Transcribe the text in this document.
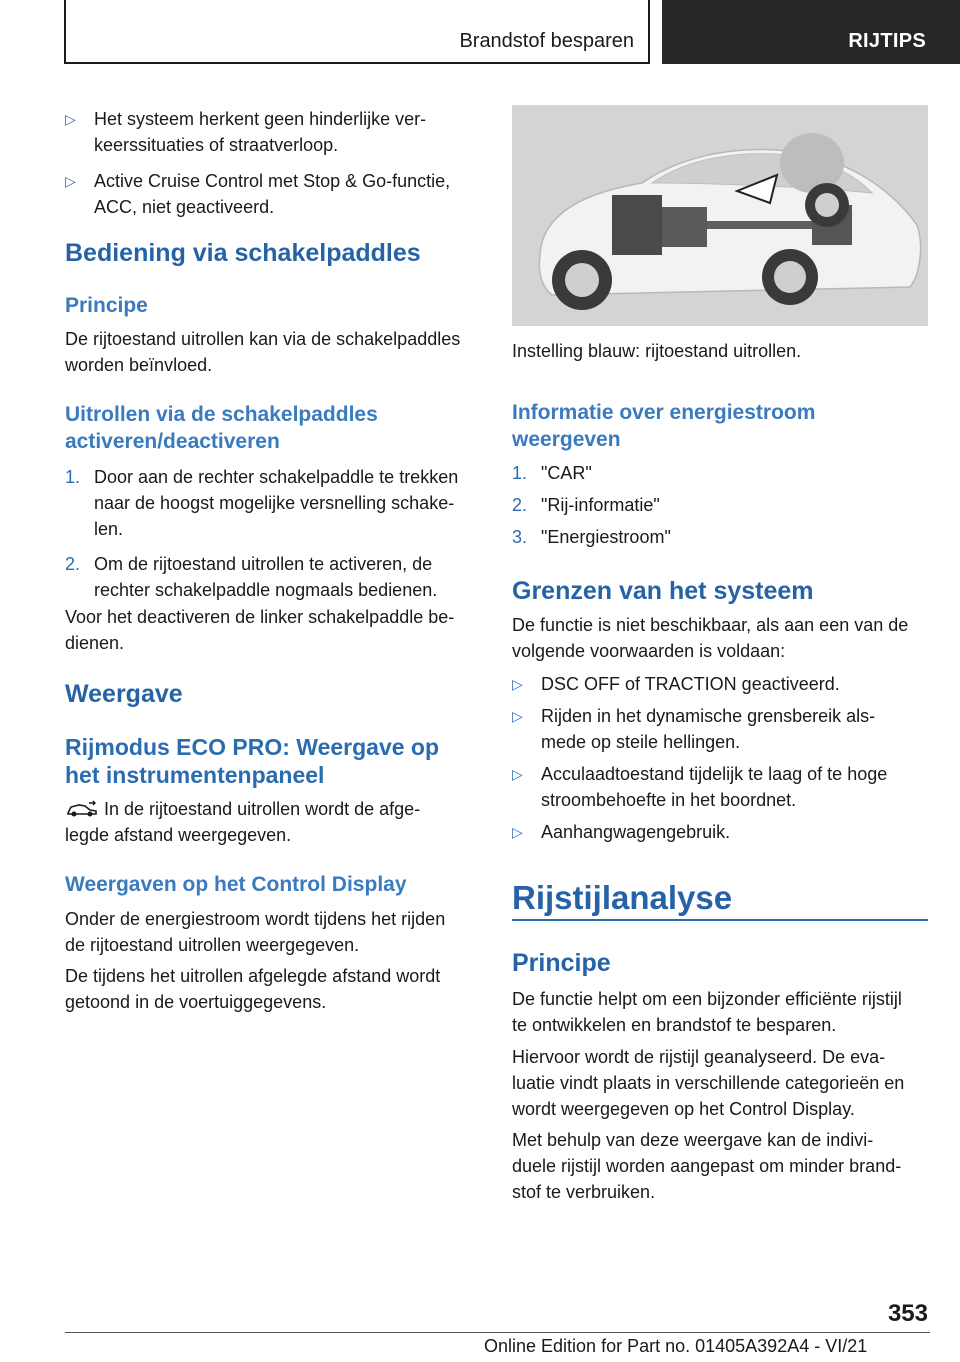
Brandstof besparen	RIJTIPS
▷ Het systeem herkent geen hinderlijke ver-
keerssituaties of straatverloop.
▷ Active Cruise Control met Stop & Go-functie,
ACC, niet geactiveerd.
Bediening via schakelpaddles
Principe
De rijtoestand uitrollen kan via de schakelpaddles
worden beïnvloed.
Uitrollen via de schakelpaddles
activeren/deactiveren
1. Door aan de rechter schakelpaddle te trekken
naar de hoogst mogelijke versnelling schake-
len.
2. Om de rijtoestand uitrollen te activeren, de
rechter schakelpaddle nogmaals bedienen.
Voor het deactiveren de linker schakelpaddle be-
dienen.
Weergave
Rijmodus ECO PRO: Weergave op
het instrumentenpaneel
In de rijtoestand uitrollen wordt de afge-
legde afstand weergegeven.
Weergaven op het Control Display
Onder de energiestroom wordt tijdens het rijden
de rijtoestand uitrollen weergegeven.
De tijdens het uitrollen afgelegde afstand wordt
getoond in de voertuiggegevens.
Instelling blauw: rijtoestand uitrollen.
Informatie over energiestroom
weergeven
1. "CAR"
2. "Rij-informatie"
3. "Energiestroom"
Grenzen van het systeem
De functie is niet beschikbaar, als aan een van de
volgende voorwaarden is voldaan:
▷ DSC OFF of TRACTION geactiveerd.
▷ Rijden in het dynamische grensbereik als-
mede op steile hellingen.
▷ Acculaadtoestand tijdelijk te laag of te hoge
stroombehoefte in het boordnet.
▷ Aanhangwagengebruik.
Rijstijlanalyse
Principe
De functie helpt om een bijzonder efficiënte rijstijl
te ontwikkelen en brandstof te besparen.
Hiervoor wordt de rijstijl geanalyseerd. De eva-
luatie vindt plaats in verschillende categorieën en
wordt weergegeven op het Control Display.
Met behulp van deze weergave kan de indivi-
duele rijstijl worden aangepast om minder brand-
stof te verbruiken.
353
Online Edition for Part no. 01405A392A4 - VI/21
